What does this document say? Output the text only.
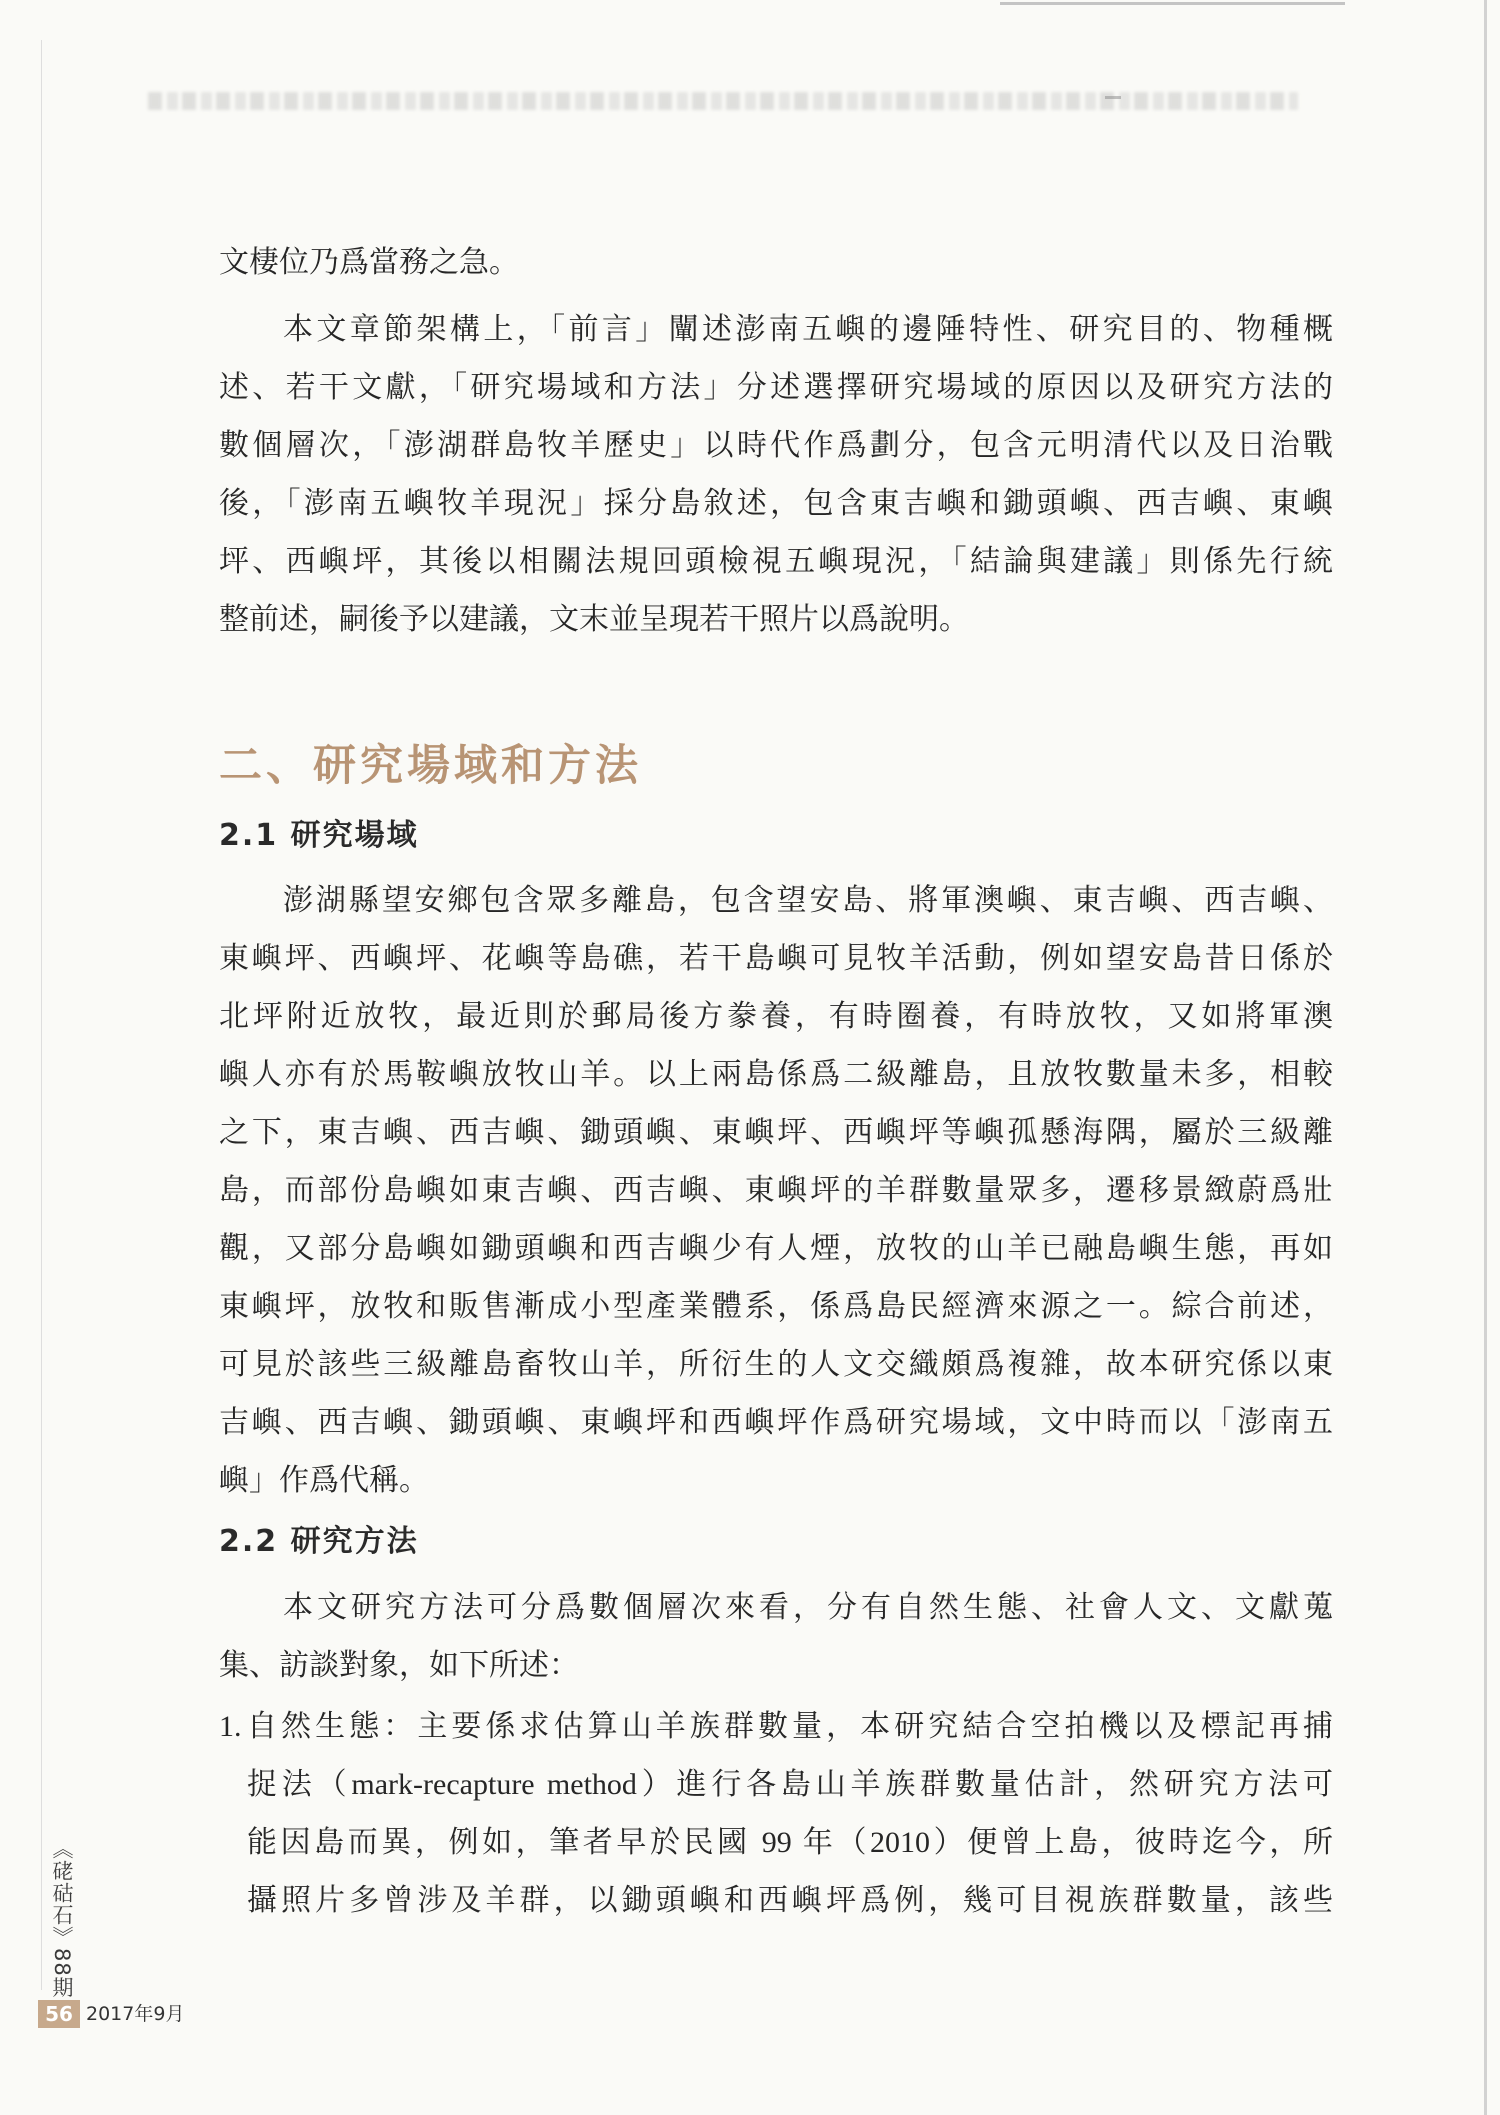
文棲位乃爲當務之急。
本文章節架構上，「前言」闡述澎南五嶼的邊陲特性、研究目的、物種概
述、若干文獻，「研究場域和方法」分述選擇研究場域的原因以及研究方法的
數個層次，「澎湖群島牧羊歷史」以時代作爲劃分，包含元明清代以及日治戰
後，「澎南五嶼牧羊現況」採分島敘述，包含東吉嶼和鋤頭嶼、西吉嶼、東嶼
坪、西嶼坪，其後以相關法規回頭檢視五嶼現況，「結論與建議」則係先行統
整前述，嗣後予以建議，文末並呈現若干照片以爲說明。
二、研究場域和方法
2.1 研究場域
澎湖縣望安鄉包含眾多離島，包含望安島、將軍澳嶼、東吉嶼、西吉嶼、
東嶼坪、西嶼坪、花嶼等島礁，若干島嶼可見牧羊活動，例如望安島昔日係於
北坪附近放牧，最近則於郵局後方豢養，有時圈養，有時放牧，又如將軍澳
嶼人亦有於馬鞍嶼放牧山羊。以上兩島係爲二級離島，且放牧數量未多，相較
之下，東吉嶼、西吉嶼、鋤頭嶼、東嶼坪、西嶼坪等嶼孤懸海隅，屬於三級離
島，而部份島嶼如東吉嶼、西吉嶼、東嶼坪的羊群數量眾多，遷移景緻蔚爲壯
觀，又部分島嶼如鋤頭嶼和西吉嶼少有人煙，放牧的山羊已融島嶼生態，再如
東嶼坪，放牧和販售漸成小型產業體系，係爲島民經濟來源之一。綜合前述，
可見於該些三級離島畜牧山羊，所衍生的人文交織頗爲複雜，故本研究係以東
吉嶼、西吉嶼、鋤頭嶼、東嶼坪和西嶼坪作爲研究場域，文中時而以「澎南五
嶼」作爲代稱。
2.2 研究方法
本文研究方法可分爲數個層次來看，分有自然生態、社會人文、文獻蒐
集、訪談對象，如下所述：
1. 自然生態：主要係求估算山羊族群數量，本研究結合空拍機以及標記再捕
捉法（mark-recapture method）進行各島山羊族群數量估計，然研究方法可
能因島而異，例如，筆者早於民國 99 年（2010）便曾上島，彼時迄今，所
攝照片多曾涉及羊群，以鋤頭嶼和西嶼坪爲例，幾可目視族群數量，該些
《硓𥑮石》88期
56 2017年9月
